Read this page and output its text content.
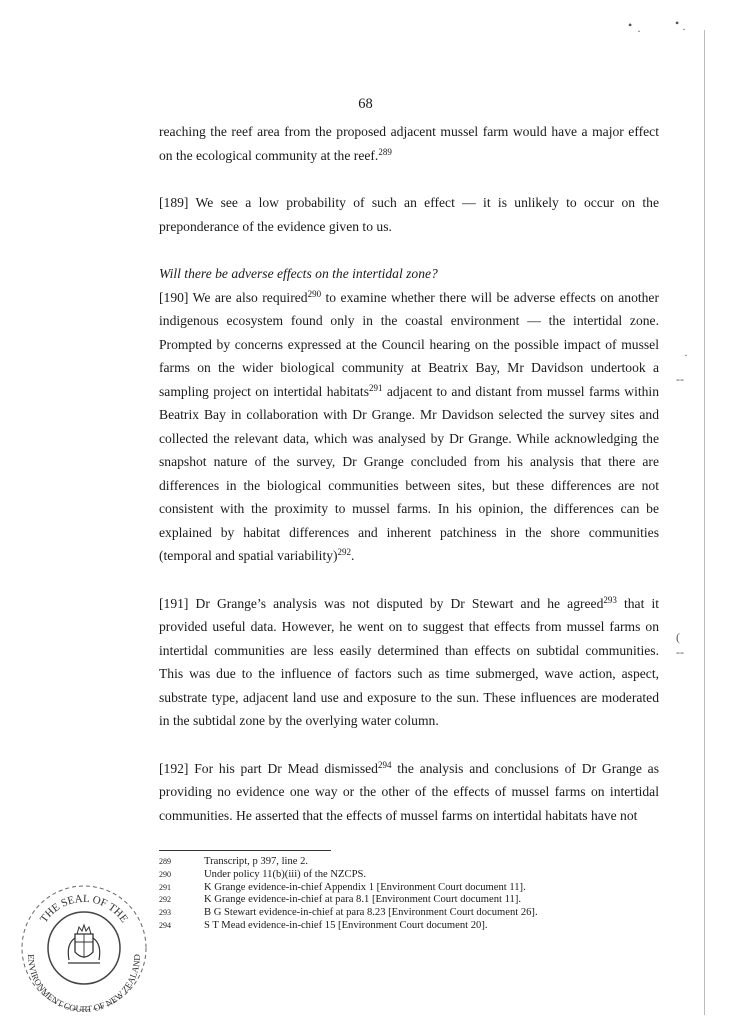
• ·
• ·
·
--
(
--
68

reaching the reef area from the proposed adjacent mussel farm would have a major effect on the ecological community at the reef.$^{289}$

[189] We see a low probability of such an effect — it is unlikely to occur on the preponderance of the evidence given to us.

Will there be adverse effects on the intertidal zone?

[190] We are also required$^{290}$ to examine whether there will be adverse effects on another indigenous ecosystem found only in the coastal environment — the intertidal zone. Prompted by concerns expressed at the Council hearing on the possible impact of mussel farms on the wider biological community at Beatrix Bay, Mr Davidson undertook a sampling project on intertidal habitats$^{291}$ adjacent to and distant from mussel farms within Beatrix Bay in collaboration with Dr Grange. Mr Davidson selected the survey sites and collected the relevant data, which was analysed by Dr Grange. While acknowledging the snapshot nature of the survey, Dr Grange concluded from his analysis that there are differences in the biological communities between sites, but these differences are not consistent with the proximity to mussel farms. In his opinion, the differences can be explained by habitat differences and inherent patchiness in the shore communities (temporal and spatial variability)$^{292}$.

[191] Dr Grange’s analysis was not disputed by Dr Stewart and he agreed$^{293}$ that it provided useful data. However, he went on to suggest that effects from mussel farms on intertidal communities are less easily determined than effects on subtidal communities. This was due to the influence of factors such as time submerged, wave action, aspect, substrate type, adjacent land use and exposure to the sun. These influences are moderated in the subtidal zone by the overlying water column.

[192] For his part Dr Mead dismissed$^{294}$ the analysis and conclusions of Dr Grange as providing no evidence one way or the other of the effects of mussel farms on intertidal communities. He asserted that the effects of mussel farms on intertidal habitats have not

289	Transcript, p 397, line 2.
290	Under policy 11(b)(iii) of the NZCPS.
291	K Grange evidence-in-chief Appendix 1 [Environment Court document 11].
292	K Grange evidence-in-chief at para 8.1 [Environment Court document 11].
293	B G Stewart evidence-in-chief at para 8.23 [Environment Court document 26].
294	S T Mead evidence-in-chief 15 [Environment Court document 20].
THE SEAL OF THE
ENVIRONMENT COURT OF NEW ZEALAND
